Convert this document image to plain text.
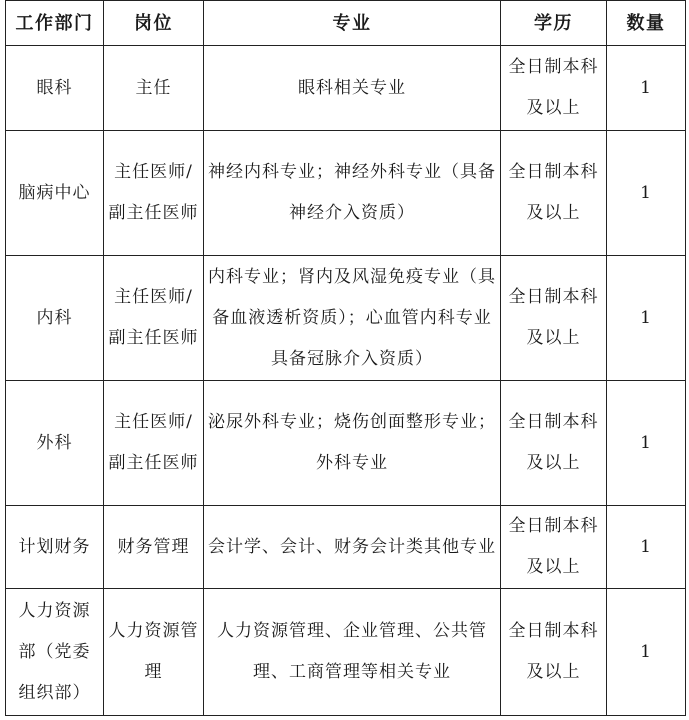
工作部门	岗位	专业	学历	数量
眼科	主任	眼科相关专业	全日制本科及以上	1
脑病中心	主任医师/副主任医师	神经内科专业；神经外科专业（具备神经介入资质）	全日制本科及以上	1
内科	主任医师/副主任医师	内科专业；肾内及风湿免疫专业（具备血液透析资质）；心血管内科专业具备冠脉介入资质）	全日制本科及以上	1
外科	主任医师/副主任医师	泌尿外科专业；烧伤创面整形专业；外科专业	全日制本科及以上	1
计划财务	财务管理	会计学、会计、财务会计类其他专业	全日制本科及以上	1
人力资源部（党委组织部）	人力资源管理	人力资源管理、企业管理、公共管理、工商管理等相关专业	全日制本科及以上	1
